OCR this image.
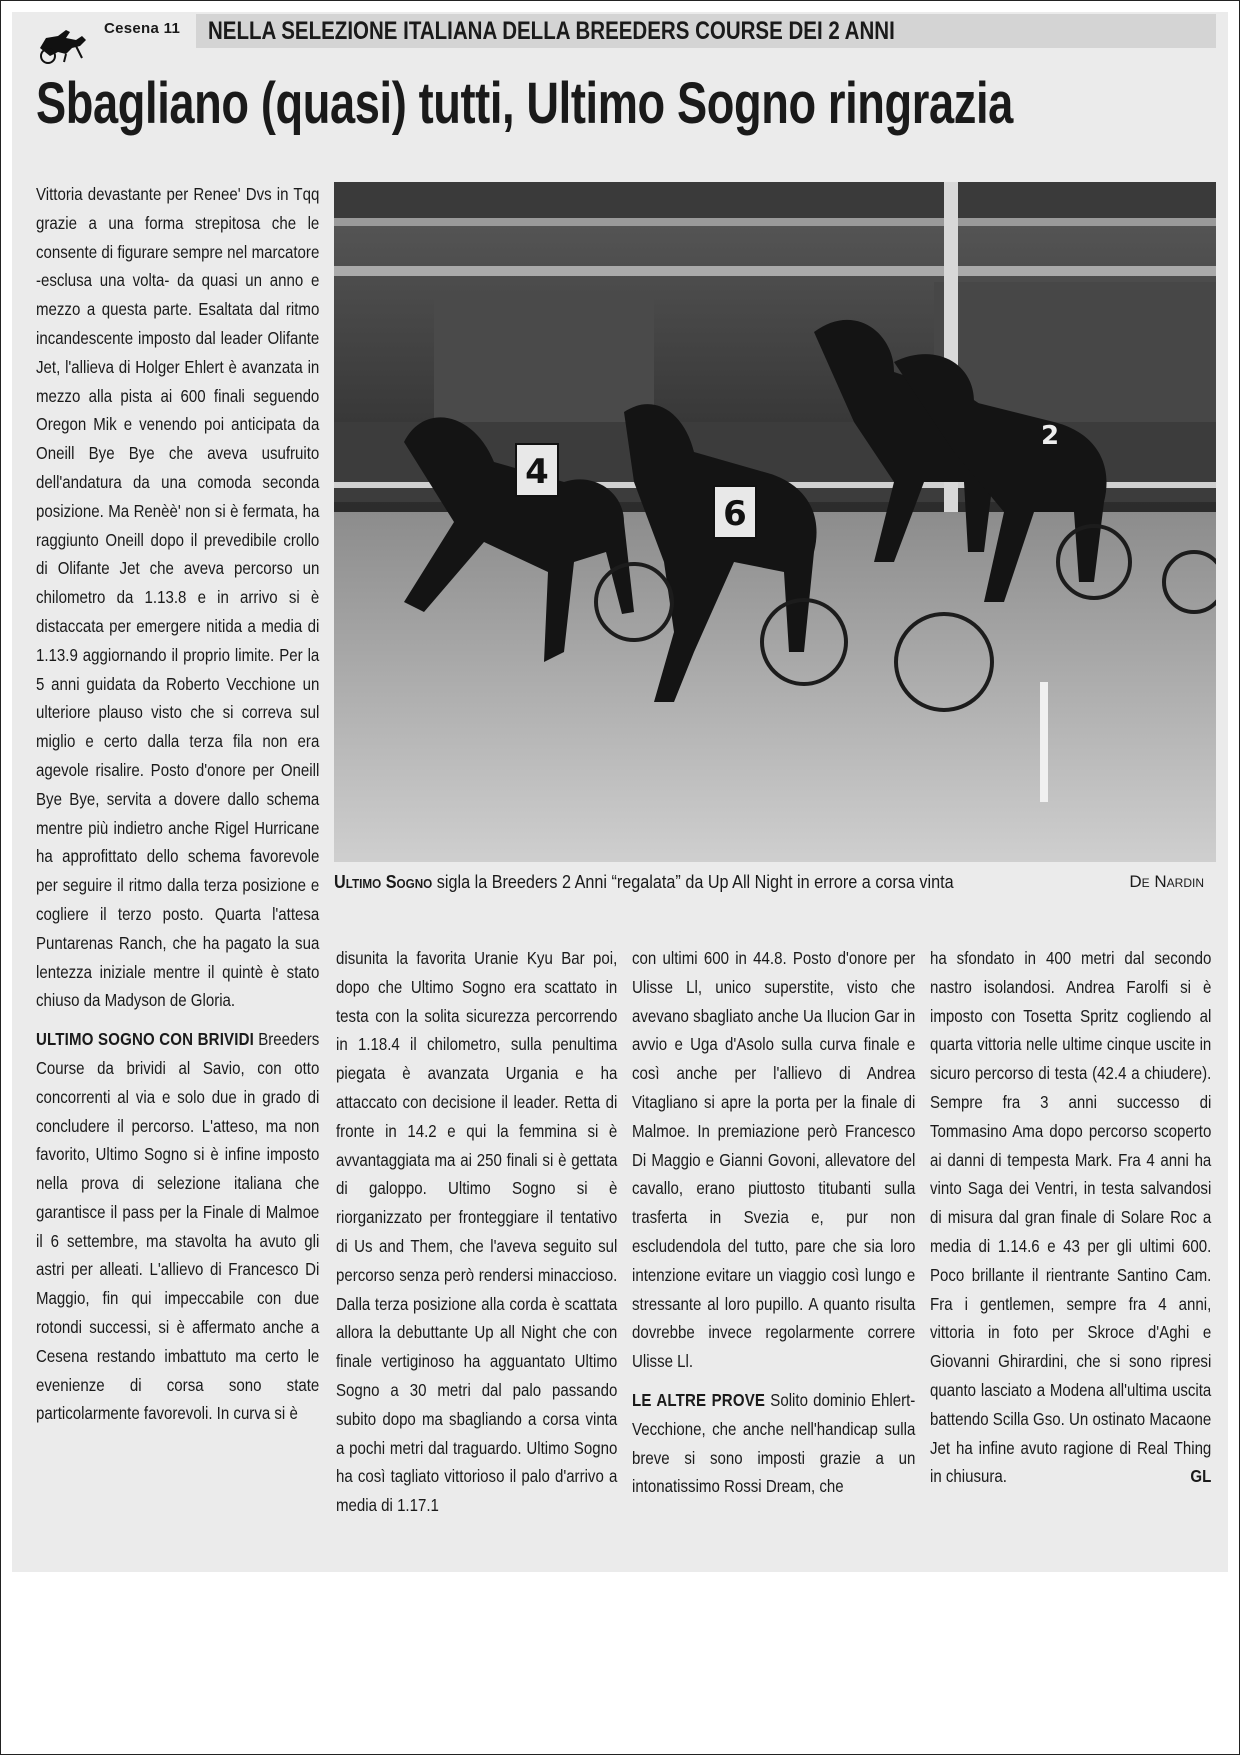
Cesena 11	NELLA SELEZIONE ITALIANA DELLA BREEDERS COURSE DEI 2 ANNI
Sbagliano (quasi) tutti, Ultimo Sogno ringrazia

Vittoria devastante per Renee' Dvs in Tqq grazie a una forma strepitosa che le consente di figurare sempre nel marcatore -esclusa una volta- da quasi un anno e mezzo a questa parte. Esaltata dal ritmo incandescente imposto dal leader Olifante Jet, l'allieva di Holger Ehlert è avanzata in mezzo alla pista ai 600 finali seguendo Oregon Mik e venendo poi anticipata da Oneill Bye Bye che aveva usufruito dell'andatura da una comoda seconda posizione. Ma Renèè' non si è fermata, ha raggiunto Oneill dopo il prevedibile crollo di Olifante Jet che aveva percorso un chilometro da 1.13.8 e in arrivo si è distaccata per emergere nitida a media di 1.13.9 aggiornando il proprio limite. Per la 5 anni guidata da Roberto Vecchione un ulteriore plauso visto che si correva sul miglio e certo dalla terza fila non era agevole risalire. Posto d'onore per Oneill Bye Bye, servita a dovere dallo schema mentre più indietro anche Rigel Hurricane ha approfittato dello schema favorevole per seguire il ritmo dalla terza posizione e cogliere il terzo posto. Quarta l'attesa Puntarenas Ranch, che ha pagato la sua lentezza iniziale mentre il quintè è stato chiuso da Madyson de Gloria.

ULTIMO SOGNO CON BRIVIDI Breeders Course da brividi al Savio, con otto concorrenti al via e solo due in grado di concludere il percorso. L'atteso, ma non favorito, Ultimo Sogno si è infine imposto nella prova di selezione italiana che garantisce il pass per la Finale di Malmoe il 6 settembre, ma stavolta ha avuto gli astri per alleati. L'allievo di Francesco Di Maggio, fin qui impeccabile con due rotondi successi, si è affermato anche a Cesena restando imbattuto ma certo le evenienze di corsa sono state particolarmente favorevoli. In curva si è

4
6
2
Ultimo Sogno sigla la Breeders 2 Anni “regalata” da Up All Night in errore a corsa vinta	De Nardin

disunita la favorita Uranie Kyu Bar poi, dopo che Ultimo Sogno era scattato in testa con la solita sicurezza percorrendo in 1.18.4 il chilometro, sulla penultima piegata è avanzata Urgania e ha attaccato con decisione il leader. Retta di fronte in 14.2 e qui la femmina si è avvantaggiata ma ai 250 finali si è gettata di galoppo. Ultimo Sogno si è riorganizzato per fronteggiare il tentativo di Us and Them, che l'aveva seguito sul percorso senza però rendersi minaccioso. Dalla terza posizione alla corda è scattata allora la debuttante Up all Night che con finale vertiginoso ha agguantato Ultimo Sogno a 30 metri dal palo passando subito dopo ma sbagliando a corsa vinta a pochi metri dal traguardo. Ultimo Sogno ha così tagliato vittorioso il palo d'arrivo a media di 1.17.1

con ultimi 600 in 44.8. Posto d'onore per Ulisse Ll, unico superstite, visto che avevano sbagliato anche Ua Ilucion Gar in avvio e Uga d'Asolo sulla curva finale e così anche per l'allievo di Andrea Vitagliano si apre la porta per la finale di Malmoe. In premiazione però Francesco Di Maggio e Gianni Govoni, allevatore del cavallo, erano piuttosto titubanti sulla trasferta in Svezia e, pur non escludendola del tutto, pare che sia loro intenzione evitare un viaggio così lungo e stressante al loro pupillo. A quanto risulta dovrebbe invece regolarmente correre Ulisse Ll.

LE ALTRE PROVE Solito dominio Ehlert-Vecchione, che anche nell'handicap sulla breve si sono imposti grazie a un intonatissimo Rossi Dream, che

ha sfondato in 400 metri dal secondo nastro isolandosi. Andrea Farolfi si è imposto con Tosetta Spritz cogliendo al quarta vittoria nelle ultime cinque uscite in sicuro percorso di testa (42.4 a chiudere). Sempre fra 3 anni successo di Tommasino Ama dopo percorso scoperto ai danni di tempesta Mark. Fra 4 anni ha vinto Saga dei Ventri, in testa salvandosi di misura dal gran finale di Solare Roc a media di 1.14.6 e 43 per gli ultimi 600. Poco brillante il rientrante Santino Cam. Fra i gentlemen, sempre fra 4 anni, vittoria in foto per Skroce d'Aghi e Giovanni Ghirardini, che si sono ripresi quanto lasciato a Modena all'ultima uscita battendo Scilla Gso. Un ostinato Macaone Jet ha infine avuto ragione di Real Thing in chiusura.	GL
